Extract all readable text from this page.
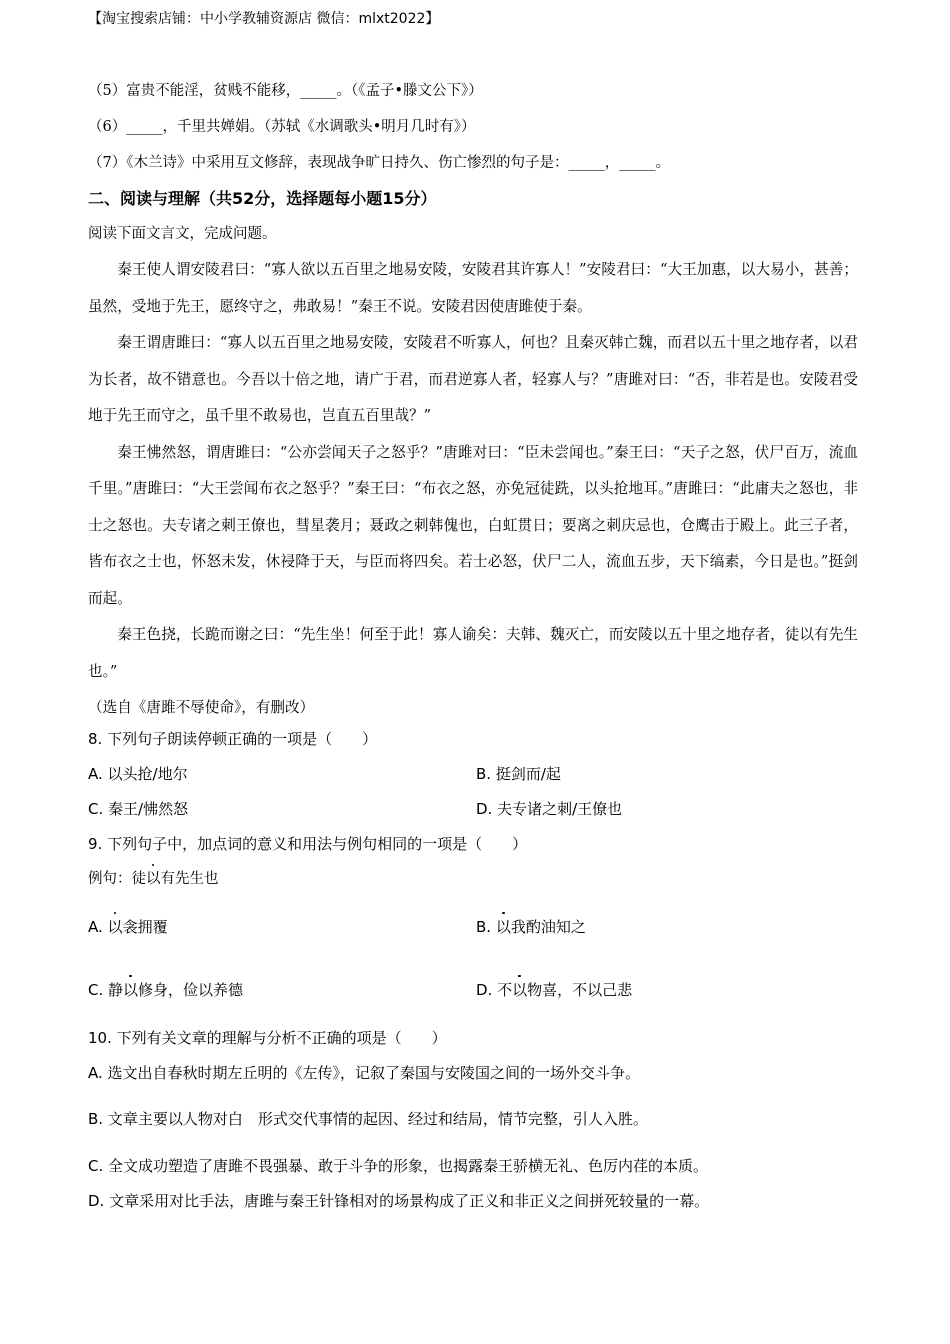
【淘宝搜索店铺：中小学教辅资源店 微信：mlxt2022】
（5）富贵不能淫，贫贱不能移，_____。（《孟子•滕文公下》）
（6）_____，千里共婵娟。（苏轼《水调歌头•明月几时有》）
（7）《木兰诗》中采用互文修辞，表现战争旷日持久、伤亡惨烈的句子是：_____，_____。
二、阅读与理解（共52分，选择题每小题15分）
阅读下面文言文，完成问题。

秦王使人谓安陵君曰：“寡人欲以五百里之地易安陵，安陵君其许寡人！”安陵君曰：“大王加惠，以大易小，甚善；虽然，受地于先王，愿终守之，弗敢易！”秦王不说。安陵君因使唐雎使于秦。

秦王谓唐雎曰：“寡人以五百里之地易安陵，安陵君不听寡人，何也？且秦灭韩亡魏，而君以五十里之地存者，以君为长者，故不错意也。今吾以十倍之地，请广于君，而君逆寡人者，轻寡人与？”唐雎对曰：“否，非若是也。安陵君受地于先王而守之，虽千里不敢易也，岂直五百里哉？”

秦王怫然怒，谓唐雎曰：“公亦尝闻天子之怒乎？”唐雎对曰：“臣未尝闻也。”秦王曰：“天子之怒，伏尸百万，流血千里。”唐雎曰：“大王尝闻布衣之怒乎？”秦王曰：“布衣之怒，亦免冠徒跣，以头抢地耳。”唐雎曰：“此庸夫之怒也，非士之怒也。夫专诸之刺王僚也，彗星袭月；聂政之刺韩傀也，白虹贯日；要离之刺庆忌也，仓鹰击于殿上。此三子者，皆布衣之士也，怀怒未发，休祲降于天，与臣而将四矣。若士必怒，伏尸二人，流血五步，天下缟素，今日是也。”挺剑而起。

秦王色挠，长跪而谢之曰：“先生坐！何至于此！寡人谕矣：夫韩、魏灭亡，而安陵以五十里之地存者，徒以有先生也。”

（选自《唐雎不辱使命》，有删改）
8. 下列句子朗读停顿正确的一项是（　　）
A. 以头抢/地尔	B. 挺剑而/起
C. 秦王/怫然怒	D. 夫专诸之刺/王僚也
9. 下列句子中，加点词的意义和用法与例句相同的一项是（　　）
例句：徒以有先生也
A. 以衾拥覆	B. 以我酌油知之
C. 静以修身，俭以养德	D. 不以物喜，不以己悲
10. 下列有关文章的理解与分析不正确的项是（　　）
A. 选文出自春秋时期左丘明的《左传》，记叙了秦国与安陵国之间的一场外交斗争。
B. 文章主要以人物对白　形式交代事情的起因、经过和结局，情节完整，引人入胜。
C. 全文成功塑造了唐雎不畏强暴、敢于斗争的形象，也揭露秦王骄横无礼、色厉内荏的本质。
D. 文章采用对比手法，唐雎与秦王针锋相对的场景构成了正义和非正义之间拼死较量的一幕。
